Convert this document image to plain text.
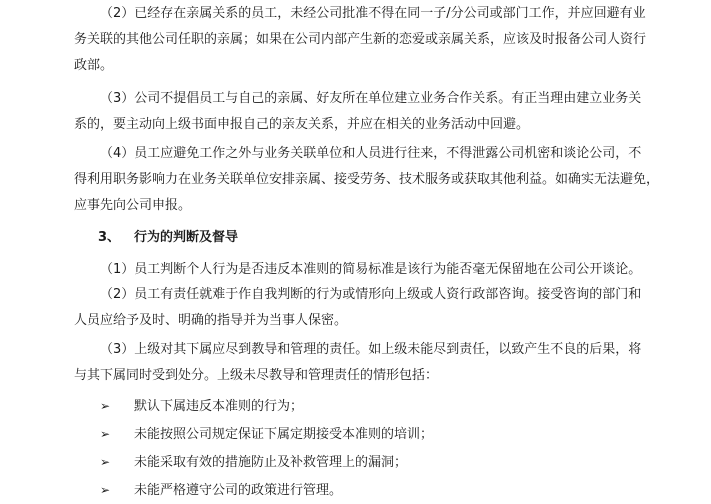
（2）已经存在亲属关系的员工，未经公司批准不得在同一子/分公司或部门工作，并应回避有业
务关联的其他公司任职的亲属；如果在公司内部产生新的恋爱或亲属关系，应该及时报备公司人资行
政部。
（3）公司不提倡员工与自己的亲属、好友所在单位建立业务合作关系。有正当理由建立业务关
系的，要主动向上级书面申报自己的亲友关系，并应在相关的业务活动中回避。
（4）员工应避免工作之外与业务关联单位和人员进行往来，不得泄露公司机密和谈论公司，不
得利用职务影响力在业务关联单位安排亲属、接受劳务、技术服务或获取其他利益。如确实无法避免，
应事先向公司申报。
3、 行为的判断及督导
（1）员工判断个人行为是否违反本准则的简易标准是该行为能否毫无保留地在公司公开谈论。
（2）员工有责任就难于作自我判断的行为或情形向上级或人资行政部咨询。接受咨询的部门和
人员应给予及时、明确的指导并为当事人保密。
（3）上级对其下属应尽到教导和管理的责任。如上级未能尽到责任，以致产生不良的后果，将
与其下属同时受到处分。上级未尽教导和管理责任的情形包括：
➢ 默认下属违反本准则的行为；
➢ 未能按照公司规定保证下属定期接受本准则的培训；
➢ 未能采取有效的措施防止及补救管理上的漏洞；
➢ 未能严格遵守公司的政策进行管理。
